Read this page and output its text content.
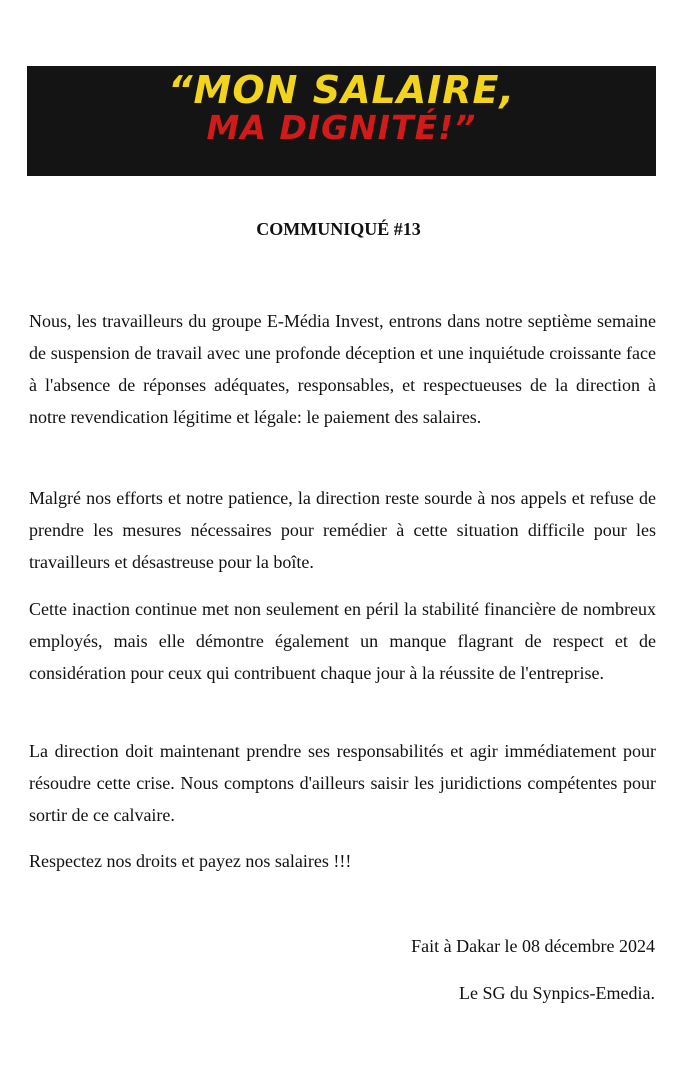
“MON SALAIRE,
MA DIGNITÉ!”

COMMUNIQUÉ #13

Nous, les travailleurs du groupe E-Média Invest, entrons dans notre septième semaine de suspension de travail avec une profonde déception et une inquiétude croissante face à l'absence de réponses adéquates, responsables, et respectueuses de la direction à notre revendication légitime et légale: le paiement des salaires.

Malgré nos efforts et notre patience, la direction reste sourde à nos appels et refuse de prendre les mesures nécessaires pour remédier à cette situation difficile pour les travailleurs et désastreuse pour la boîte.

Cette inaction continue met non seulement en péril la stabilité financière de nombreux employés, mais elle démontre également un manque flagrant de respect et de considération pour ceux qui contribuent chaque jour à la réussite de l'entreprise.

La direction doit maintenant prendre ses responsabilités et agir immédiatement pour résoudre cette crise. Nous comptons d'ailleurs saisir les juridictions compétentes pour sortir de ce calvaire.

Respectez nos droits et payez nos salaires !!!

Fait à Dakar le 08 décembre 2024
Le SG du Synpics-Emedia.
